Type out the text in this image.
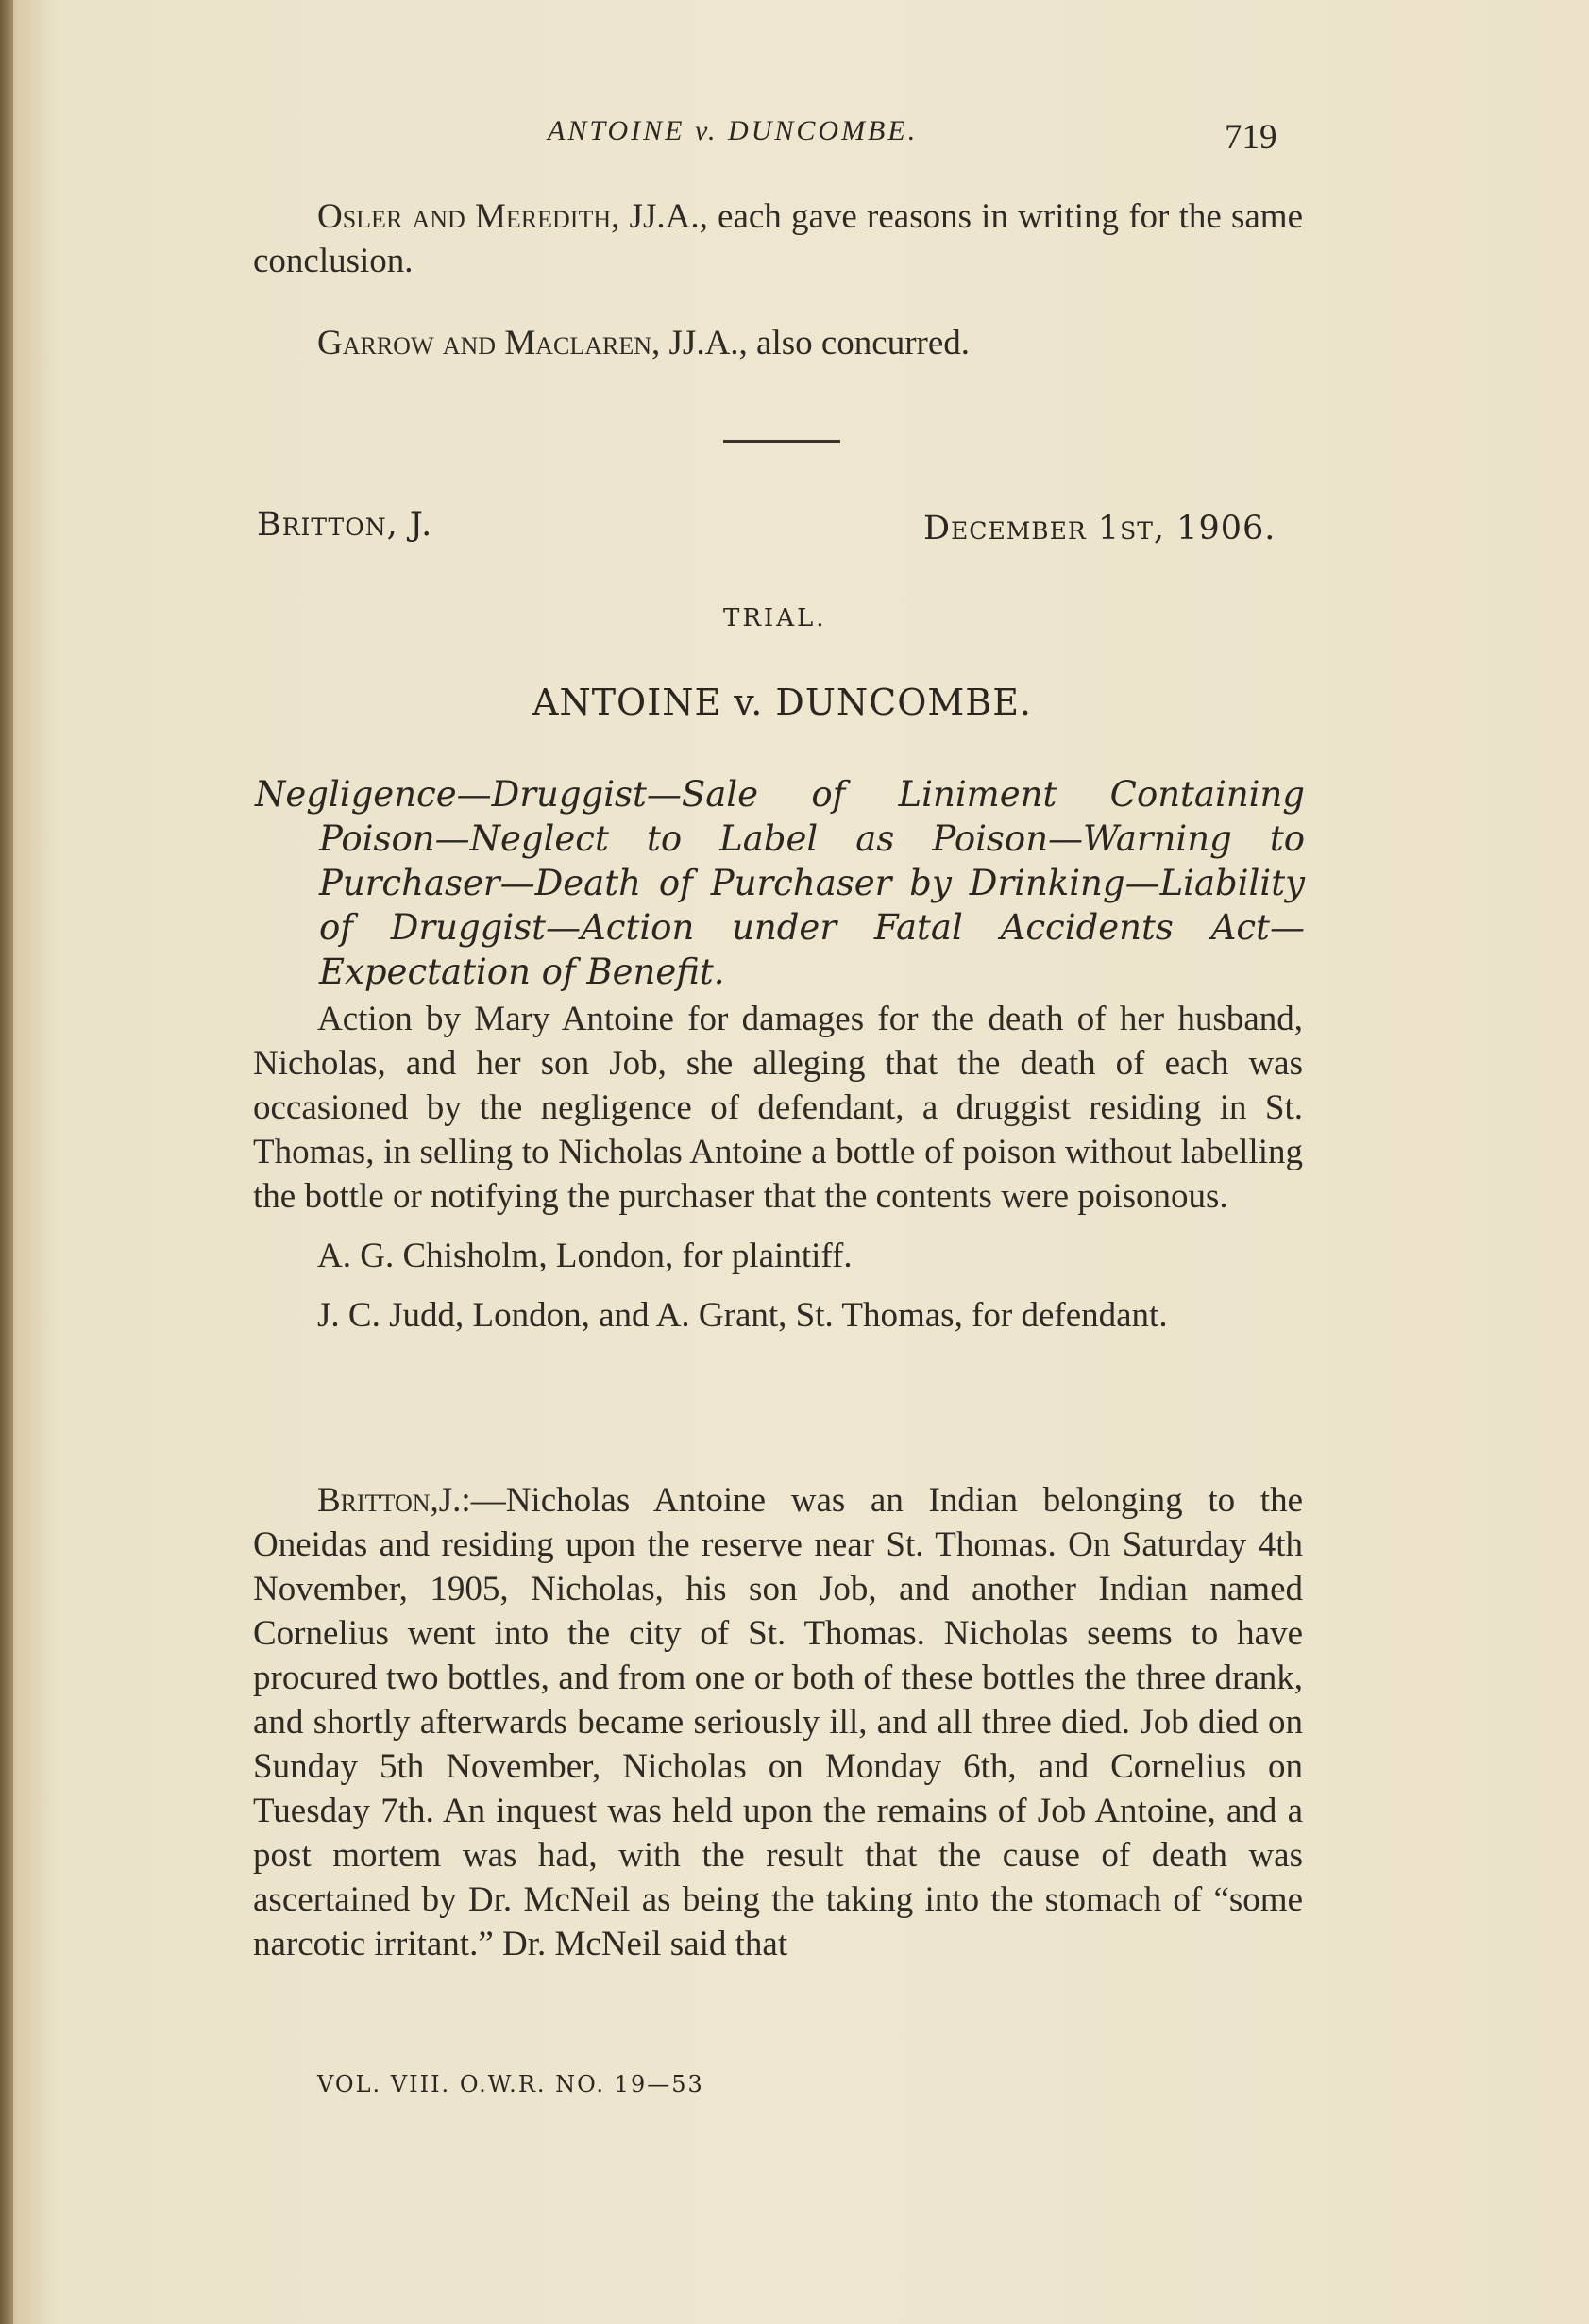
ANTOINE v. DUNCOMBE.	719

Osler and Meredith, JJ.A., each gave reasons in writing for the same conclusion.

Garrow and Maclaren, JJ.A., also concurred.

Britton, J.	December 1st, 1906.
TRIAL.
ANTOINE v. DUNCOMBE.

Negligence—Druggist—Sale of Liniment Containing Poison—Neglect to Label as Poison—Warning to Purchaser—Death of Purchaser by Drinking—Liability of Druggist—Action under Fatal Accidents Act—Expectation of Benefit.

Action by Mary Antoine for damages for the death of her husband, Nicholas, and her son Job, she alleging that the death of each was occasioned by the negligence of defendant, a druggist residing in St. Thomas, in selling to Nicholas Antoine a bottle of poison without labelling the bottle or notifying the purchaser that the contents were poisonous.

A. G. Chisholm, London, for plaintiff.

J. C. Judd, London, and A. Grant, St. Thomas, for defendant.

Britton,J.:—Nicholas Antoine was an Indian belonging to the Oneidas and residing upon the reserve near St. Thomas. On Saturday 4th November, 1905, Nicholas, his son Job, and another Indian named Cornelius went into the city of St. Thomas. Nicholas seems to have procured two bottles, and from one or both of these bottles the three drank, and shortly afterwards became seriously ill, and all three died. Job died on Sunday 5th November, Nicholas on Monday 6th, and Cornelius on Tuesday 7th. An inquest was held upon the remains of Job Antoine, and a post mortem was had, with the result that the cause of death was ascertained by Dr. McNeil as being the taking into the stomach of “some narcotic irritant.” Dr. McNeil said that

VOL. VIII. O.W.R. NO. 19—53
